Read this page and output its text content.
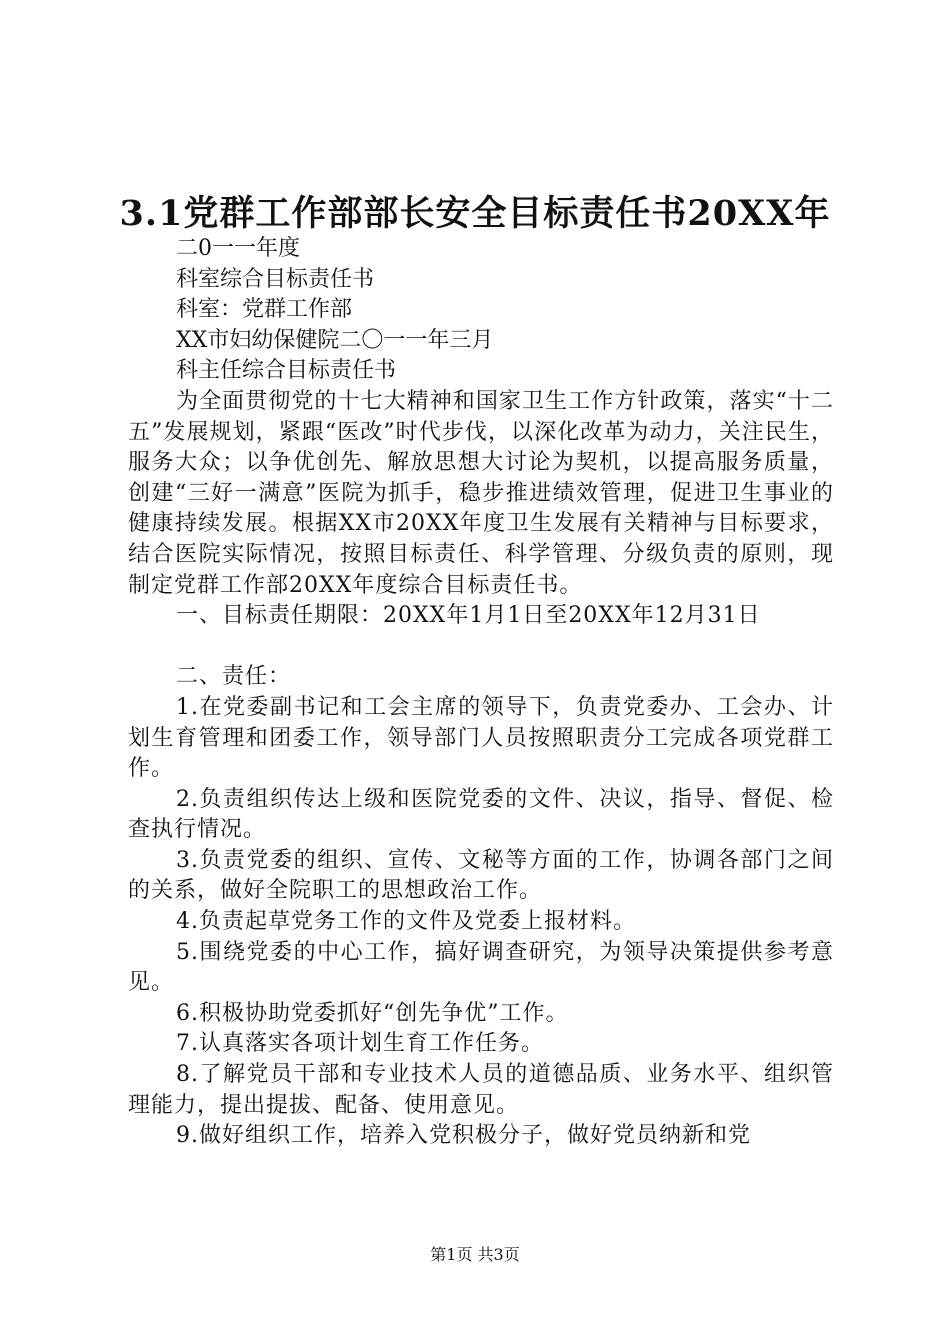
3.1党群工作部部长安全目标责任书20XX年
二0一一年度
科室综合目标责任书
科室：党群工作部
XX市妇幼保健院二〇一一年三月
科主任综合目标责任书
为全面贯彻党的十七大精神和国家卫生工作方针政策，落实“十二五”发展规划，紧跟“医改”时代步伐，以深化改革为动力，关注民生，服务大众；以争优创先、解放思想大讨论为契机，以提高服务质量，创建“三好一满意”医院为抓手，稳步推进绩效管理，促进卫生事业的健康持续发展。根据XX市20XX年度卫生发展有关精神与目标要求，结合医院实际情况，按照目标责任、科学管理、分级负责的原则，现制定党群工作部20XX年度综合目标责任书。
一、目标责任期限：20XX年1月1日至20XX年12月31日
二、责任：
1.在党委副书记和工会主席的领导下，负责党委办、工会办、计划生育管理和团委工作，领导部门人员按照职责分工完成各项党群工作。
2.负责组织传达上级和医院党委的文件、决议，指导、督促、检查执行情况。
3.负责党委的组织、宣传、文秘等方面的工作，协调各部门之间的关系，做好全院职工的思想政治工作。
4.负责起草党务工作的文件及党委上报材料。
5.围绕党委的中心工作，搞好调查研究，为领导决策提供参考意见。
6.积极协助党委抓好“创先争优”工作。
7.认真落实各项计划生育工作任务。
8.了解党员干部和专业技术人员的道德品质、业务水平、组织管理能力，提出提拔、配备、使用意见。
9.做好组织工作，培养入党积极分子，做好党员纳新和党
第1页 共3页
